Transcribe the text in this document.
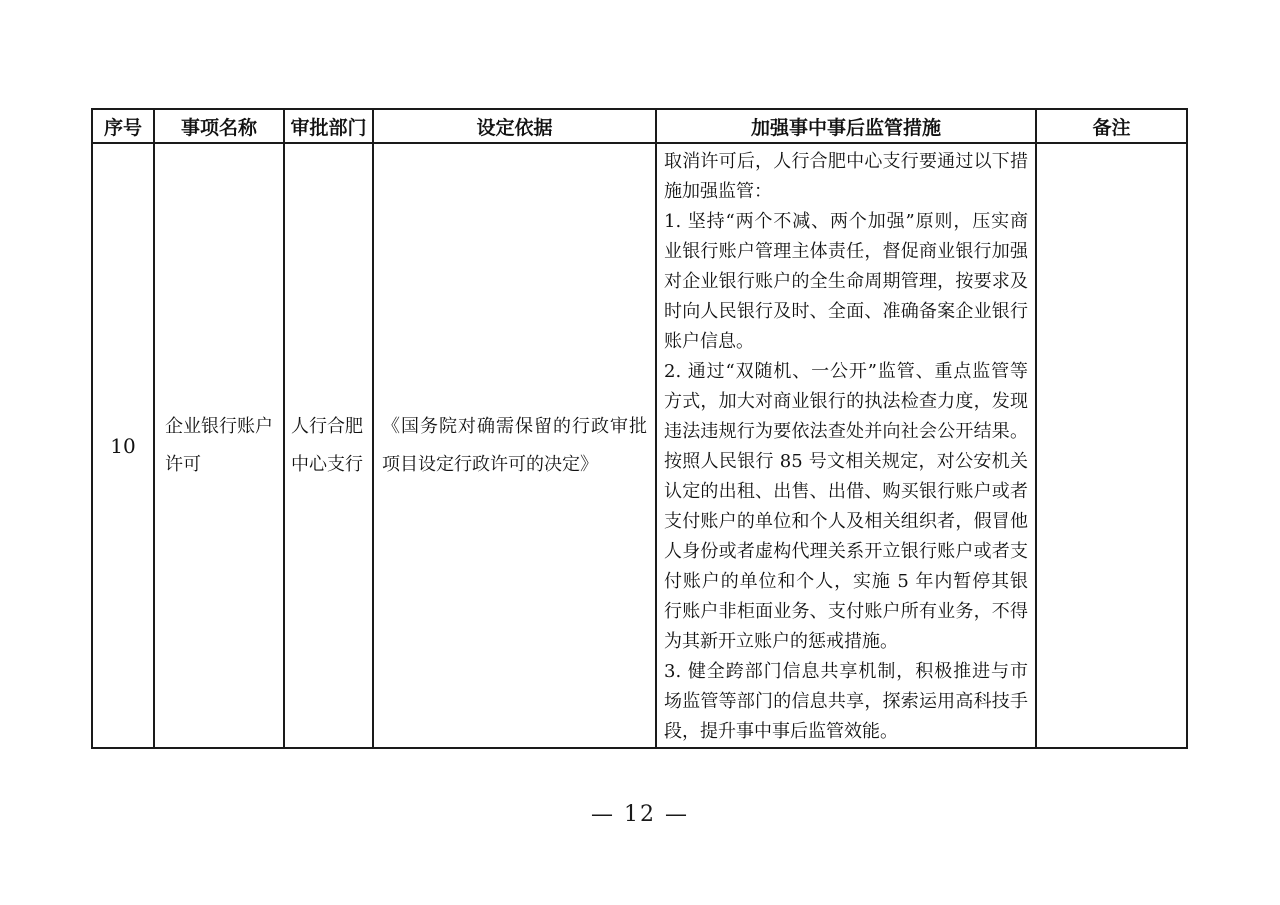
序号	事项名称	审批部门	设定依据	加强事中事后监管措施	备注
10	企业银行账户许可	人行合肥中心支行	《国务院对确需保留的行政审批项目设定行政许可的决定》	取消许可后，人行合肥中心支行要通过以下措施加强监管：

1. 坚持“两个不减、两个加强”原则，压实商业银行账户管理主体责任，督促商业银行加强对企业银行账户的全生命周期管理，按要求及时向人民银行及时、全面、准确备案企业银行账户信息。

2. 通过“双随机、一公开”监管、重点监管等方式，加大对商业银行的执法检查力度，发现违法违规行为要依法查处并向社会公开结果。按照人民银行 85 号文相关规定，对公安机关认定的出租、出售、出借、购买银行账户或者支付账户的单位和个人及相关组织者，假冒他人身份或者虚构代理关系开立银行账户或者支付账户的单位和个人，实施 5 年内暂停其银行账户非柜面业务、支付账户所有业务，不得为其新开立账户的惩戒措施。

3. 健全跨部门信息共享机制，积极推进与市场监管等部门的信息共享，探索运用高科技手段，提升事中事后监管效能。	

— 12 —
